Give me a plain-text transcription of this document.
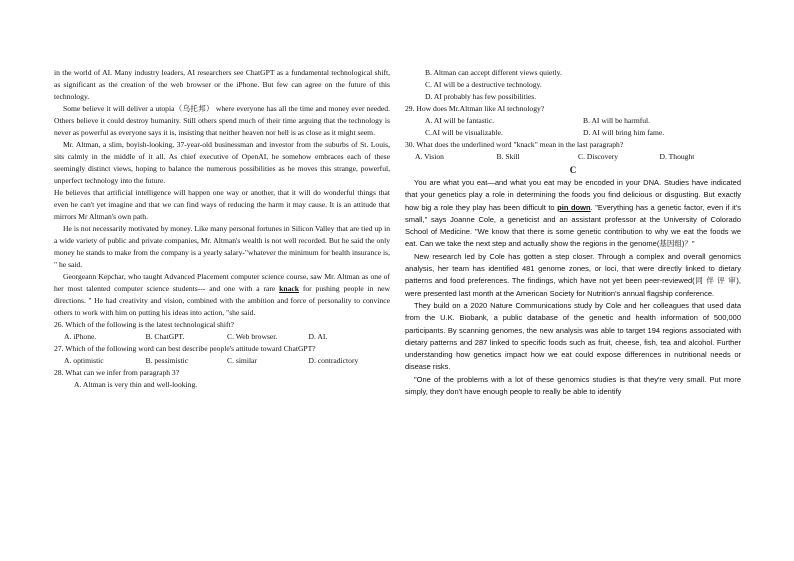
in the world of AI. Many industry leaders, AI researchers see ChatGPT as a fundamental technological shift, as significant as the creation of the web browser or the iPhone. But few can agree on the future of this technology.

Some believe it will deliver a utopia（乌托邦） where everyone has all the time and money ever needed. Others believe it could destroy humanity. Still others spend much of their time arguing that the technology is never as powerful as everyone says it is, insisting that neither heaven nor hell is as close as it might seem.

Mr. Altman, a slim, boyish-looking, 37-year-old businessman and investor from the suburbs of St. Louis, sits calmly in the middle of it all. As chief executive of OpenAI, he somehow embraces each of these seemingly distinct views, hoping to balance the numerous possibilities as he moves this strange, powerful, unperfect technology into the future.

He believes that artificial intelligence will happen one way or another, that it will do wonderful things that even he can't yet imagine and that we can find ways of reducing the harm it may cause. It is an attitude that mirrors Mr Altman's own path.

He is not necessarily motivated by money. Like many personal fortunes in Silicon Valley that are tied up in a wide variety of public and private companies, Mr. Altman's wealth is not well recorded. But he said the only money he stands to make from the company is a yearly salary-"whatever the minimum for health insurance is, " he said.

Georgeann Kepchar, who taught Advanced Placement computer science course, saw Mr. Altman as one of her most talented computer science students--- and one with a rare knack for pushing people in new directions. " He had creativity and vision, combined with the ambition and force of personality to convince others to work with him on putting his ideas into action, "she said.

26. Which of the following is the latest technological shift?

A. iPhone.	B. ChatGPT.	C. Web browser.	D. AI.

27. Which of the following word can best describe people's attitude toward ChatGPT?

A. optimistic	B. pessimistic	C. similar	D. contradictory

28. What can we infer from paragraph 3?

A. Altman is very thin and well-looking.

B. Altman can accept different views quietly.

C. AI will be a destructive technology.

D. AI probably has few possibilities.

29. How does Mr.Altman like AI technology?

A. AI will be fantastic.	B. AI will be harmful.
C.AI will be visualizable.	D. AI will bring him fame.

30. What does the underlined word "knack" mean in the last paragraph?

A. Vision	B. Skill	C. Discovery	D. Thought
C

You are what you eat—and what you eat may be encoded in your DNA. Studies have indicated that your genetics play a role in determining the foods you find delicious or disgusting. But exactly how big a role they play has been difficult to pin down. "Everything has a genetic factor, even if it's small," says Joanne Cole, a geneticist and an assistant professor at the University of Colorado School of Medicine. "We know that there is some genetic contribution to why we eat the foods we eat. Can we take the next step and actually show the regions in the genome(基因组)？"

New research led by Cole has gotten a step closer. Through a complex and overall genomics analysis, her team has identified 481 genome zones, or loci, that were directly linked to dietary patterns and food preferences. The findings, which have not yet been peer-reviewed(同 伴 评 审), were presented last month at the American Society for Nutrition's annual flagship conference.

They build on a 2020 Nature Communications study by Cole and her colleagues that used data from the U.K. Biobank, a public database of the genetic and health information of 500,000 participants. By scanning genomes, the new analysis was able to target 194 regions associated with dietary patterns and 287 linked to specific foods such as fruit, cheese, fish, tea and alcohol. Further understanding how genetics impact how we eat could expose differences in nutritional needs or disease risks.

"One of the problems with a lot of these genomics studies is that they're very small. Put more simply, they don't have enough people to really be able to identify
